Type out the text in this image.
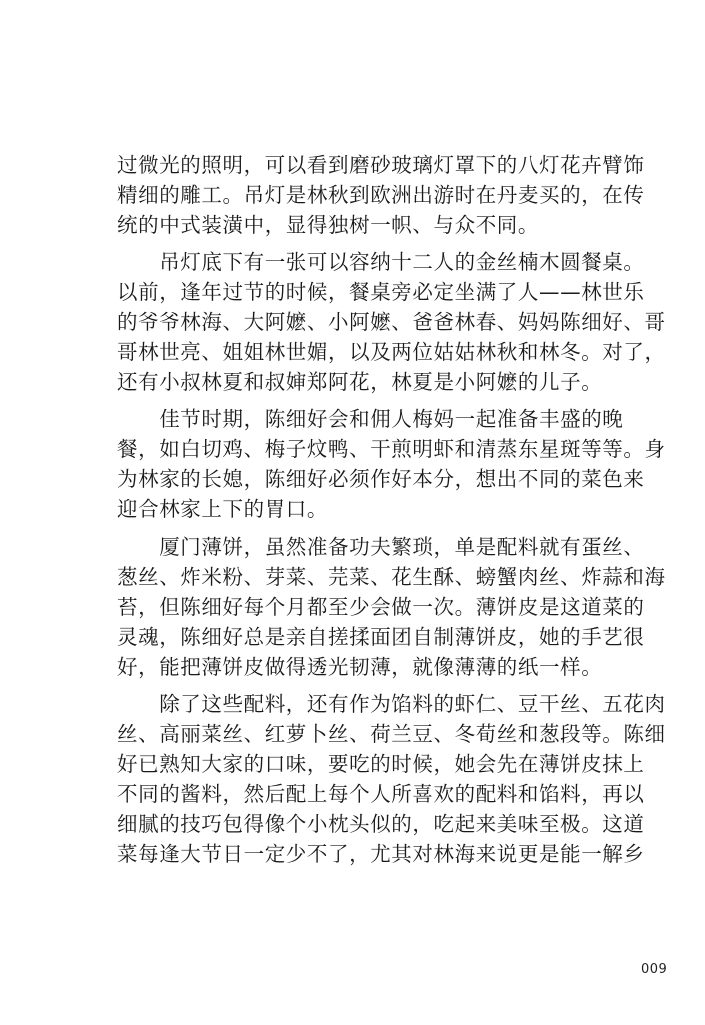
过微光的照明，可以看到磨砂玻璃灯罩下的八灯花卉臂饰
精细的雕工。吊灯是林秋到欧洲出游时在丹麦买的，在传
统的中式装潢中，显得独树一帜、与众不同。

　　吊灯底下有一张可以容纳十二人的金丝楠木圆餐桌。
以前，逢年过节的时候，餐桌旁必定坐满了人——林世乐
的爷爷林海、大阿嬷、小阿嬷、爸爸林春、妈妈陈细好、哥
哥林世亮、姐姐林世媚，以及两位姑姑林秋和林冬。对了，
还有小叔林夏和叔婶郑阿花，林夏是小阿嬷的儿子。

　　佳节时期，陈细好会和佣人梅妈一起准备丰盛的晚
餐，如白切鸡、梅子炆鸭、干煎明虾和清蒸东星斑等等。身
为林家的长媳，陈细好必须作好本分，想出不同的菜色来
迎合林家上下的胃口。

　　厦门薄饼，虽然准备功夫繁琐，单是配料就有蛋丝、
葱丝、炸米粉、芽菜、芫菜、花生酥、螃蟹肉丝、炸蒜和海
苔，但陈细好每个月都至少会做一次。薄饼皮是这道菜的
灵魂，陈细好总是亲自搓揉面团自制薄饼皮，她的手艺很
好，能把薄饼皮做得透光韧薄，就像薄薄的纸一样。

　　除了这些配料，还有作为馅料的虾仁、豆干丝、五花肉
丝、高丽菜丝、红萝卜丝、荷兰豆、冬荀丝和葱段等。陈细
好已熟知大家的口味，要吃的时候，她会先在薄饼皮抹上
不同的酱料，然后配上每个人所喜欢的配料和馅料，再以
细腻的技巧包得像个小枕头似的，吃起来美味至极。这道
菜每逢大节日一定少不了，尤其对林海来说更是能一解乡

009
